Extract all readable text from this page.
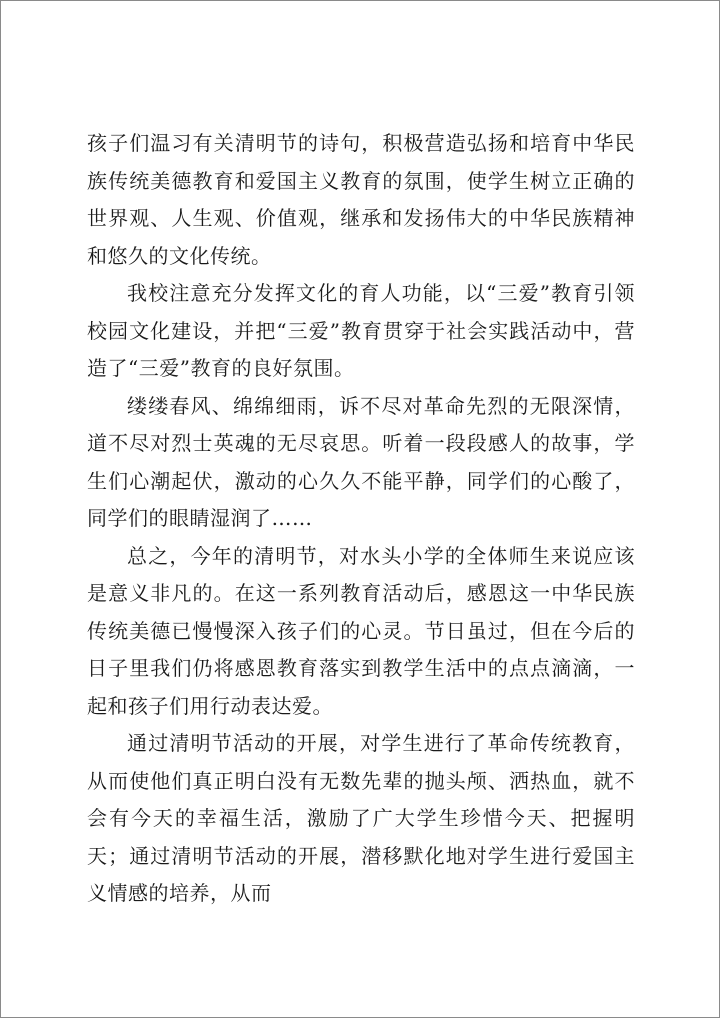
孩子们温习有关清明节的诗句，积极营造弘扬和培育中华民族传统美德教育和爱国主义教育的氛围，使学生树立正确的世界观、人生观、价值观，继承和发扬伟大的中华民族精神和悠久的文化传统。

我校注意充分发挥文化的育人功能，以“三爱”教育引领校园文化建设，并把“三爱”教育贯穿于社会实践活动中，营造了“三爱”教育的良好氛围。

缕缕春风、绵绵细雨，诉不尽对革命先烈的无限深情，道不尽对烈士英魂的无尽哀思。听着一段段感人的故事，学生们心潮起伏，激动的心久久不能平静，同学们的心酸了，同学们的眼睛湿润了……

总之，今年的清明节，对水头小学的全体师生来说应该是意义非凡的。在这一系列教育活动后，感恩这一中华民族传统美德已慢慢深入孩子们的心灵。节日虽过，但在今后的日子里我们仍将感恩教育落实到教学生活中的点点滴滴，一起和孩子们用行动表达爱。

通过清明节活动的开展，对学生进行了革命传统教育，从而使他们真正明白没有无数先辈的抛头颅、洒热血，就不会有今天的幸福生活，激励了广大学生珍惜今天、把握明天；通过清明节活动的开展，潜移默化地对学生进行爱国主义情感的培养，从而
